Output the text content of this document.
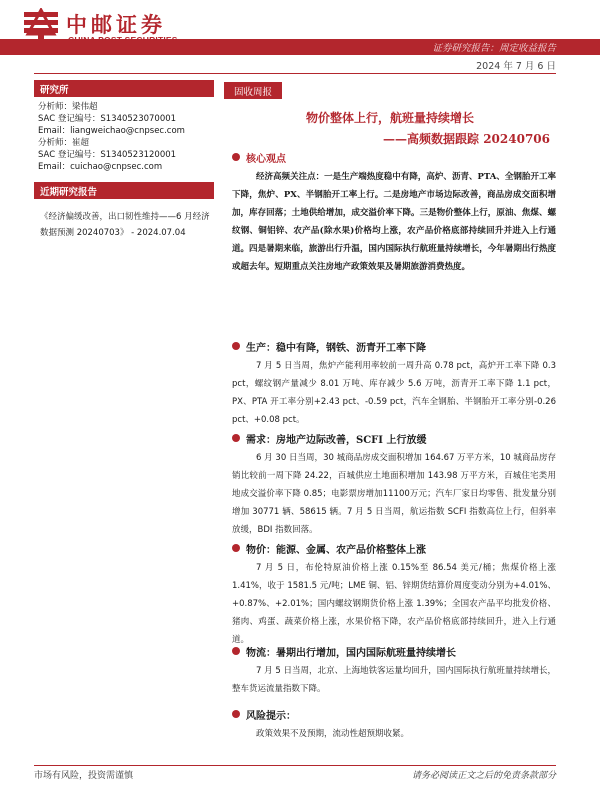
中邮证券
证券研究报告：周定收益报告
2024 年 7 月 6 日
研究所
分析师：梁伟超
SAC 登记编号：S1340523070001
Email：liangweichao@cnpsec.com
分析师：崔超
SAC 登记编号：S1340523120001
Email：cuichao@cnpsec.com
近期研究报告
《经济偏缓改善，出口韧性维持——6 月经济数据预测 20240703》 - 2024.07.04
固收周报
物价整体上行，航班量持续增长
——高频数据跟踪 20240706
核心观点

经济高频关注点：一是生产端热度稳中有降，高炉、沥青、PTA、全钢胎开工率下降，焦炉、PX、半钢胎开工率上行。二是房地产市场边际改善，商品房成交面积增加，库存回落；土地供给增加，成交溢价率下降。三是物价整体上行，原油、焦煤、螺纹钢、铜铝锌、农产品(除水果)价格均上涨，农产品价格底部持续回升并进入上行通道。四是暑期来临，旅游出行升温，国内国际执行航班量持续增长，今年暑期出行热度或超去年。短期重点关注房地产政策效果及暑期旅游消费热度。

生产：稳中有降，钢铁、沥青开工率下降

7 月 5 日当周，焦炉产能利用率较前一周升高 0.78 pct，高炉开工率下降 0.3 pct，螺纹钢产量减少 8.01 万吨、库存减少 5.6 万吨，沥青开工率下降 1.1 pct，PX、PTA 开工率分别+2.43 pct、-0.59 pct，汽车全钢胎、半钢胎开工率分别-0.26 pct、+0.08 pct。

需求：房地产边际改善，SCFI 上行放缓

6 月 30 日当周，30 城商品房成交面积增加 164.67 万平方米，10 城商品房存销比较前一周下降 24.22，百城供应土地面积增加 143.98 万平方米，百城住宅类用地成交溢价率下降 0.85；电影票房增加11100万元；汽车厂家日均零售、批发量分别增加 30771 辆、58615 辆。7 月 5 日当周，航运指数 SCFI 指数高位上行，但斜率放缓，BDI 指数回落。

物价：能源、金属、农产品价格整体上涨

7 月 5 日，布伦特原油价格上涨 0.15%至 86.54 美元/桶；焦煤价格上涨 1.41%，收于 1581.5 元/吨；LME 铜、铝、锌期货结算价周度变动分别为+4.01%、+0.87%、+2.01%；国内螺纹钢期货价格上涨 1.39%；全国农产品平均批发价格、猪肉、鸡蛋、蔬菜价格上涨，水果价格下降，农产品价格底部持续回升，进入上行通道。

物流：暑期出行增加，国内国际航班量持续增长

7 月 5 日当周，北京、上海地铁客运量均回升，国内国际执行航班量持续增长，整车货运流量指数下降。

风险提示：

政策效果不及预期，流动性超预期收紧。

市场有风险，投资需谨慎	请务必阅读正文之后的免责条款部分
